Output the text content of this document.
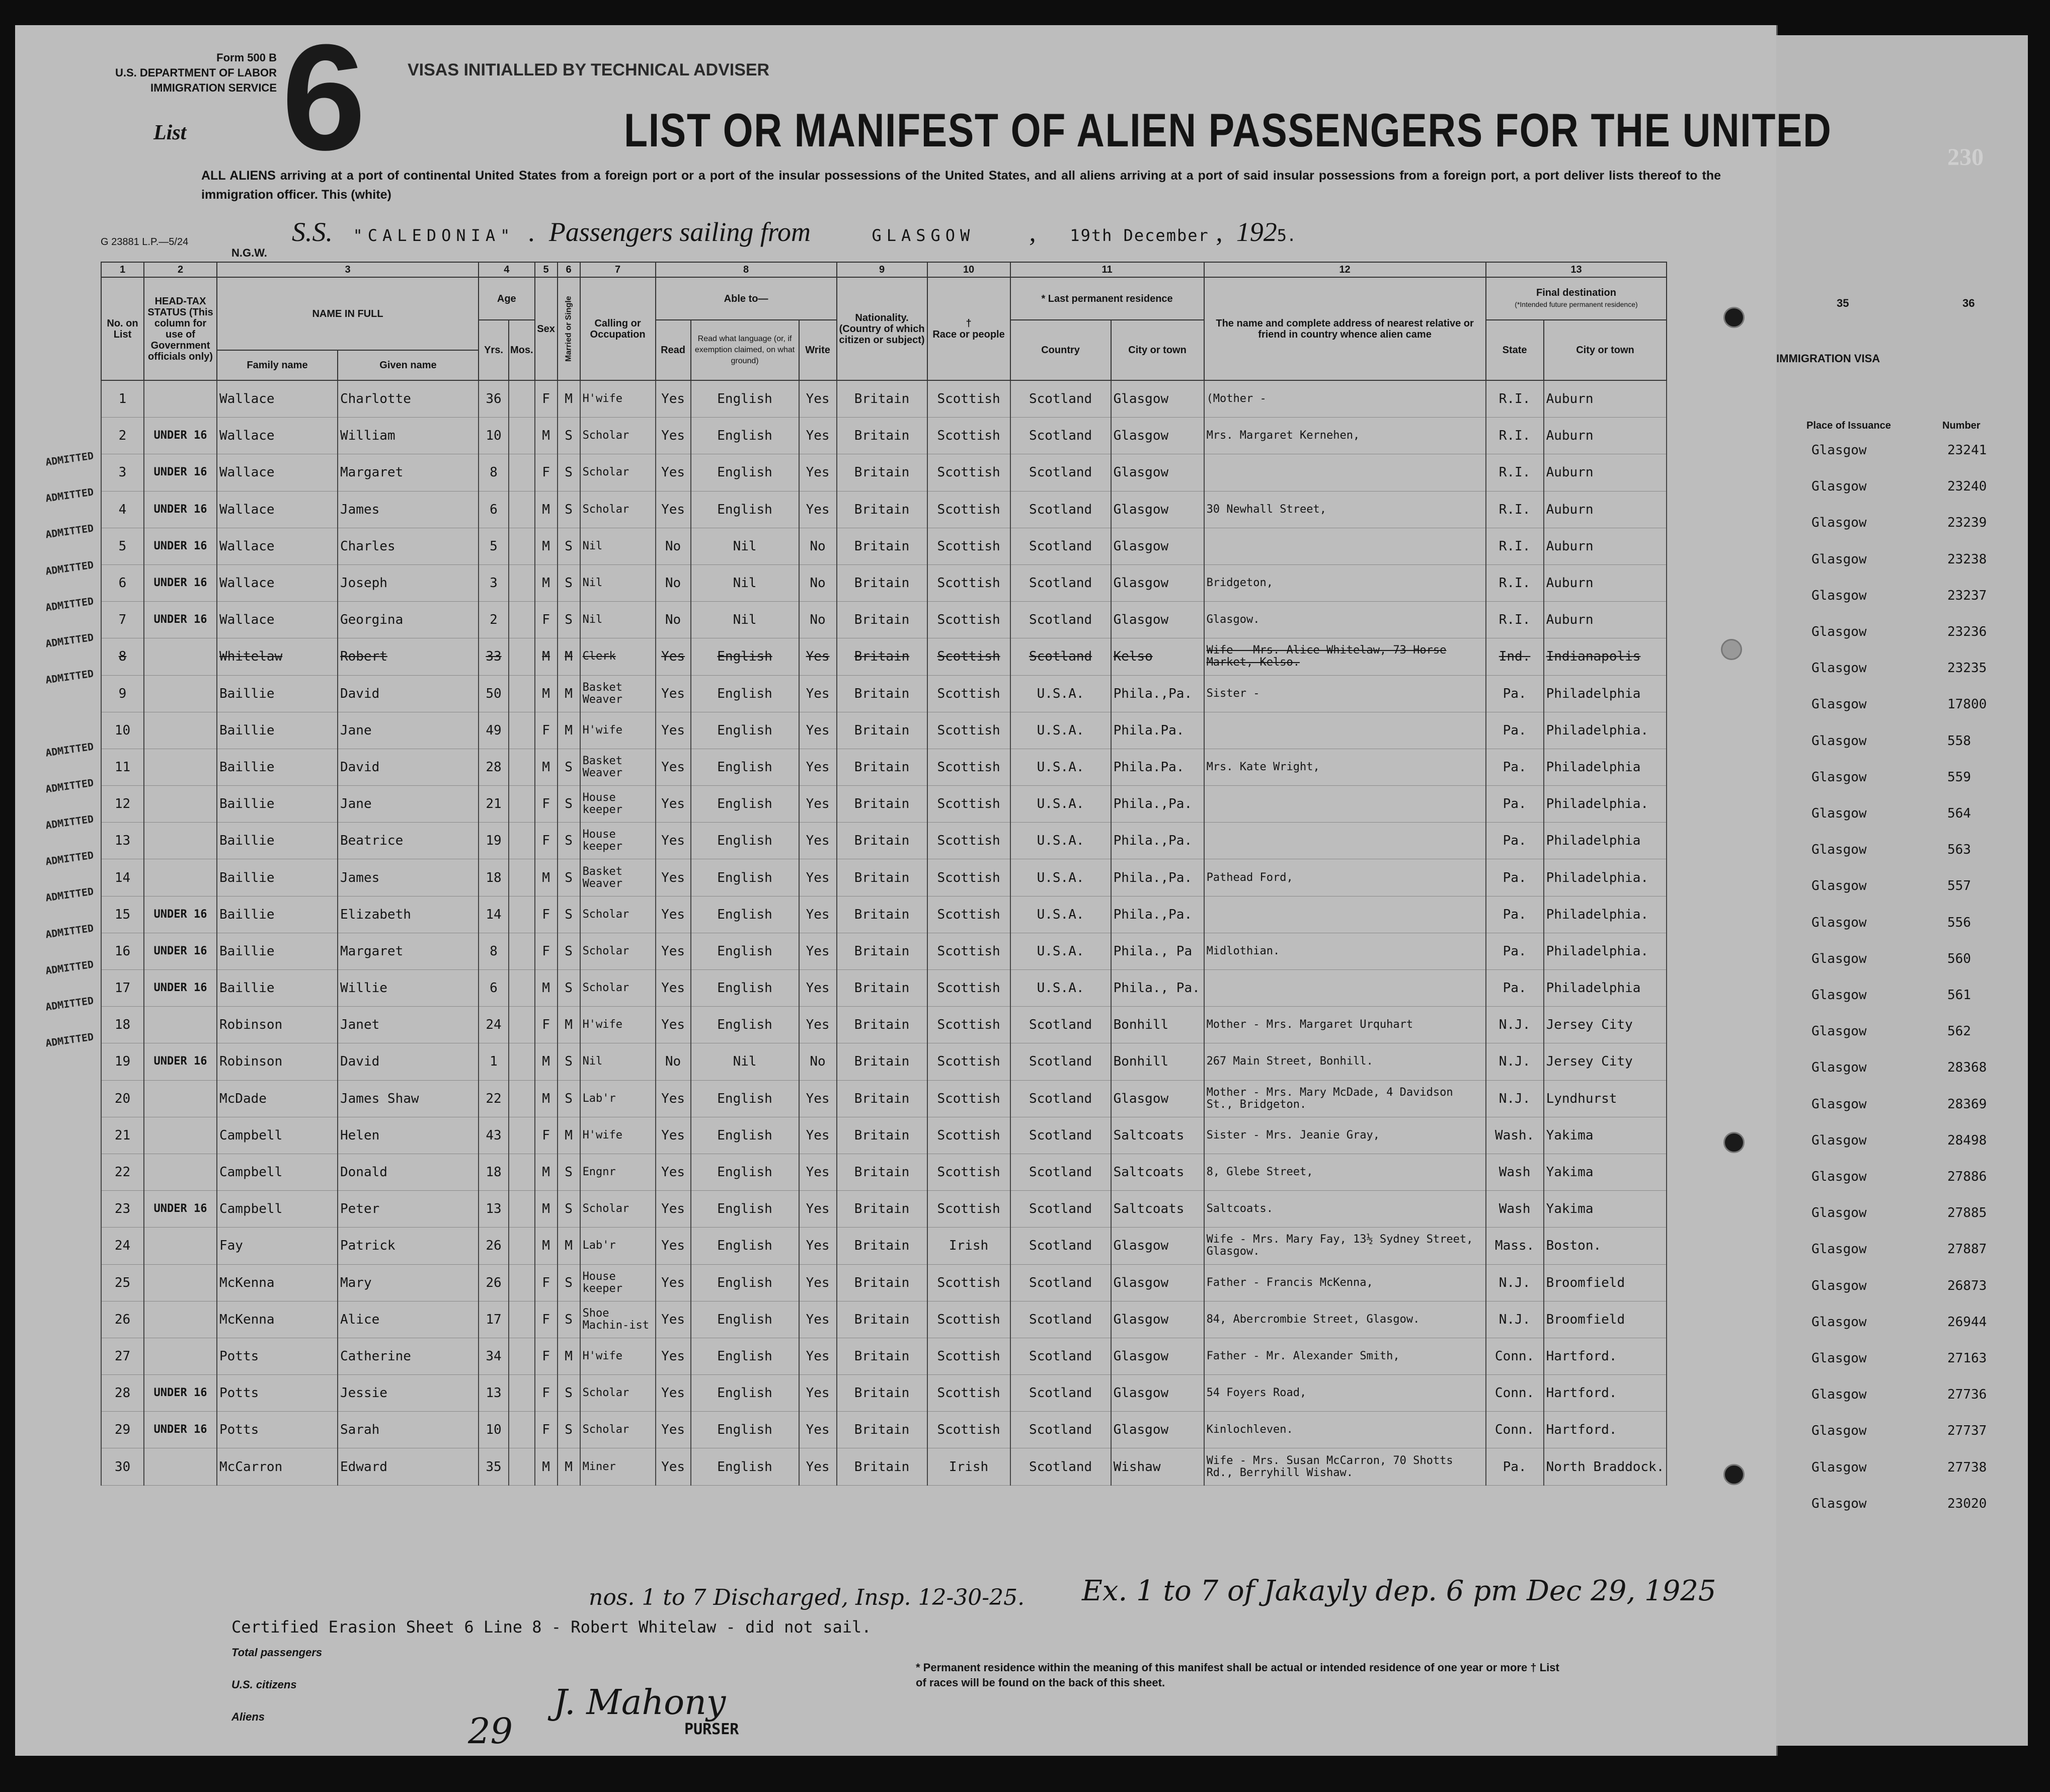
Form 500 B
U.S. DEPARTMENT OF LABOR
IMMIGRATION SERVICE
List 6 VISAS INITIALLED BY TECHNICAL ADVISER
LIST OR MANIFEST OF ALIEN PASSENGERS FOR THE UNITED
ALL ALIENS arriving at a port of continental United States from a foreign port or a port of the insular possessions of the United States, and all aliens arriving at a port of said insular possessions from a foreign port, a port deliver lists thereof to the immigration officer. This (white)
230
G 23881 L.P.—5/24
N.G.W.
S.S. "CALEDONIA"  .  Passengers sailing from	GLASGOW        ,     19th December ,  1925.
1	2	3		4		5	6	7	8			9	10	11		12	13	
No. on List	HEAD-TAX STATUS (This column for use of Government officials only)	NAME IN FULL		Age		Sex	Married or Single	Calling or Occupation	Able to—			Nationality. (Country of which citizen or subject)	†
Race or people	* Last permanent residence		The name and complete address of nearest relative or friend in country whence alien came	Final destination
(*Intended future permanent residence)	
				Yrs.	Mos.				Read	Read what language (or, if exemption claimed, on what ground)	Write			Country	City or town		State	City or town
		Family name	Given name															
1		Wallace	Charlotte	36		F	M	H'wife	Yes	English	Yes	Britain	Scottish	Scotland	Glasgow	(Mother -	R.I.	Auburn
2	UNDER 16	Wallace	William	10		M	S	Scholar	Yes	English	Yes	Britain	Scottish	Scotland	Glasgow	Mrs. Margaret Kernehen,	R.I.	Auburn
3	UNDER 16	Wallace	Margaret	8		F	S	Scholar	Yes	English	Yes	Britain	Scottish	Scotland	Glasgow		R.I.	Auburn
4	UNDER 16	Wallace	James	6		M	S	Scholar	Yes	English	Yes	Britain	Scottish	Scotland	Glasgow	30 Newhall Street,	R.I.	Auburn
5	UNDER 16	Wallace	Charles	5		M	S	Nil	No	Nil	No	Britain	Scottish	Scotland	Glasgow		R.I.	Auburn
6	UNDER 16	Wallace	Joseph	3		M	S	Nil	No	Nil	No	Britain	Scottish	Scotland	Glasgow	Bridgeton,	R.I.	Auburn
7	UNDER 16	Wallace	Georgina	2		F	S	Nil	No	Nil	No	Britain	Scottish	Scotland	Glasgow	Glasgow.	R.I.	Auburn
8		Whitelaw	Robert	33		M	M	Clerk	Yes	English	Yes	Britain	Scottish	Scotland	Kelso	Wife - Mrs. Alice Whitelaw, 73 Horse Market, Kelso.	Ind.	Indianapolis
9		Baillie	David	50		M	M	Basket Weaver	Yes	English	Yes	Britain	Scottish	U.S.A.	Phila.,Pa.	Sister -	Pa.	Philadelphia
10		Baillie	Jane	49		F	M	H'wife	Yes	English	Yes	Britain	Scottish	U.S.A.	Phila.Pa.		Pa.	Philadelphia.
11		Baillie	David	28		M	S	Basket Weaver	Yes	English	Yes	Britain	Scottish	U.S.A.	Phila.Pa.	Mrs. Kate Wright,	Pa.	Philadelphia
12		Baillie	Jane	21		F	S	House keeper	Yes	English	Yes	Britain	Scottish	U.S.A.	Phila.,Pa.		Pa.	Philadelphia.
13		Baillie	Beatrice	19		F	S	House keeper	Yes	English	Yes	Britain	Scottish	U.S.A.	Phila.,Pa.		Pa.	Philadelphia
14		Baillie	James	18		M	S	Basket Weaver	Yes	English	Yes	Britain	Scottish	U.S.A.	Phila.,Pa.	Pathead Ford,	Pa.	Philadelphia.
15	UNDER 16	Baillie	Elizabeth	14		F	S	Scholar	Yes	English	Yes	Britain	Scottish	U.S.A.	Phila.,Pa.		Pa.	Philadelphia.
16	UNDER 16	Baillie	Margaret	8		F	S	Scholar	Yes	English	Yes	Britain	Scottish	U.S.A.	Phila., Pa	Midlothian.	Pa.	Philadelphia.
17	UNDER 16	Baillie	Willie	6		M	S	Scholar	Yes	English	Yes	Britain	Scottish	U.S.A.	Phila., Pa.		Pa.	Philadelphia
18		Robinson	Janet	24		F	M	H'wife	Yes	English	Yes	Britain	Scottish	Scotland	Bonhill	Mother - Mrs. Margaret Urquhart	N.J.	Jersey City
19	UNDER 16	Robinson	David	1		M	S	Nil	No	Nil	No	Britain	Scottish	Scotland	Bonhill	267 Main Street, Bonhill.	N.J.	Jersey City
20		McDade	James Shaw	22		M	S	Lab'r	Yes	English	Yes	Britain	Scottish	Scotland	Glasgow	Mother - Mrs. Mary McDade, 4 Davidson St., Bridgeton.	N.J.	Lyndhurst
21		Campbell	Helen	43		F	M	H'wife	Yes	English	Yes	Britain	Scottish	Scotland	Saltcoats	Sister - Mrs. Jeanie Gray,	Wash.	Yakima
22		Campbell	Donald	18		M	S	Engnr	Yes	English	Yes	Britain	Scottish	Scotland	Saltcoats	8, Glebe Street,	Wash	Yakima
23	UNDER 16	Campbell	Peter	13		M	S	Scholar	Yes	English	Yes	Britain	Scottish	Scotland	Saltcoats	Saltcoats.	Wash	Yakima
24		Fay	Patrick	26		M	M	Lab'r	Yes	English	Yes	Britain	Irish	Scotland	Glasgow	Wife - Mrs. Mary Fay, 13½ Sydney Street, Glasgow.	Mass.	Boston.
25		McKenna	Mary	26		F	S	House keeper	Yes	English	Yes	Britain	Scottish	Scotland	Glasgow	Father - Francis McKenna,	N.J.	Broomfield
26		McKenna	Alice	17		F	S	Shoe Machin-ist	Yes	English	Yes	Britain	Scottish	Scotland	Glasgow	84, Abercrombie Street, Glasgow.	N.J.	Broomfield
27		Potts	Catherine	34		F	M	H'wife	Yes	English	Yes	Britain	Scottish	Scotland	Glasgow	Father - Mr. Alexander Smith,	Conn.	Hartford.
28	UNDER 16	Potts	Jessie	13		F	S	Scholar	Yes	English	Yes	Britain	Scottish	Scotland	Glasgow	54 Foyers Road,	Conn.	Hartford.
29	UNDER 16	Potts	Sarah	10		F	S	Scholar	Yes	English	Yes	Britain	Scottish	Scotland	Glasgow	Kinlochleven.	Conn.	Hartford.
30		McCarron	Edward	35		M	M	Miner	Yes	English	Yes	Britain	Irish	Scotland	Wishaw	Wife - Mrs. Susan McCarron, 70 Shotts Rd., Berryhill Wishaw.	Pa.	North Braddock.
35	36
IMMIGRATION VISA
Place of Issuance	Number
Glasgow	23241
Glasgow	23240
Glasgow	23239
Glasgow	23238
Glasgow	23237
Glasgow	23236
Glasgow	23235
Glasgow	17800
Glasgow	558
Glasgow	559
Glasgow	564
Glasgow	563
Glasgow	557
Glasgow	556
Glasgow	560
Glasgow	561
Glasgow	562
Glasgow	28368
Glasgow	28369
Glasgow	28498
Glasgow	27886
Glasgow	27885
Glasgow	27887
Glasgow	26873
Glasgow	26944
Glasgow	27163
Glasgow	27736
Glasgow	27737
Glasgow	27738
Glasgow	23020
nos. 1 to 7 Discharged, Insp. 12-30-25. Ex. 1 to 7 of Jakayly dep. 6 pm Dec 29, 1925
Certified Erasion Sheet 6 Line 8 - Robert Whitelaw - did not sail.
Total passengers
U.S. citizens
Aliens	29
J. Mahony
PURSER
* Permanent residence within the meaning of this manifest shall be actual or intended residence of one year or more † List of races will be found on the back of this sheet.
ADMITTED
ADMITTED
ADMITTED
ADMITTED
ADMITTED
ADMITTED
ADMITTED
ADMITTED
ADMITTED
ADMITTED
ADMITTED
ADMITTED
ADMITTED
ADMITTED
ADMITTED
ADMITTED
